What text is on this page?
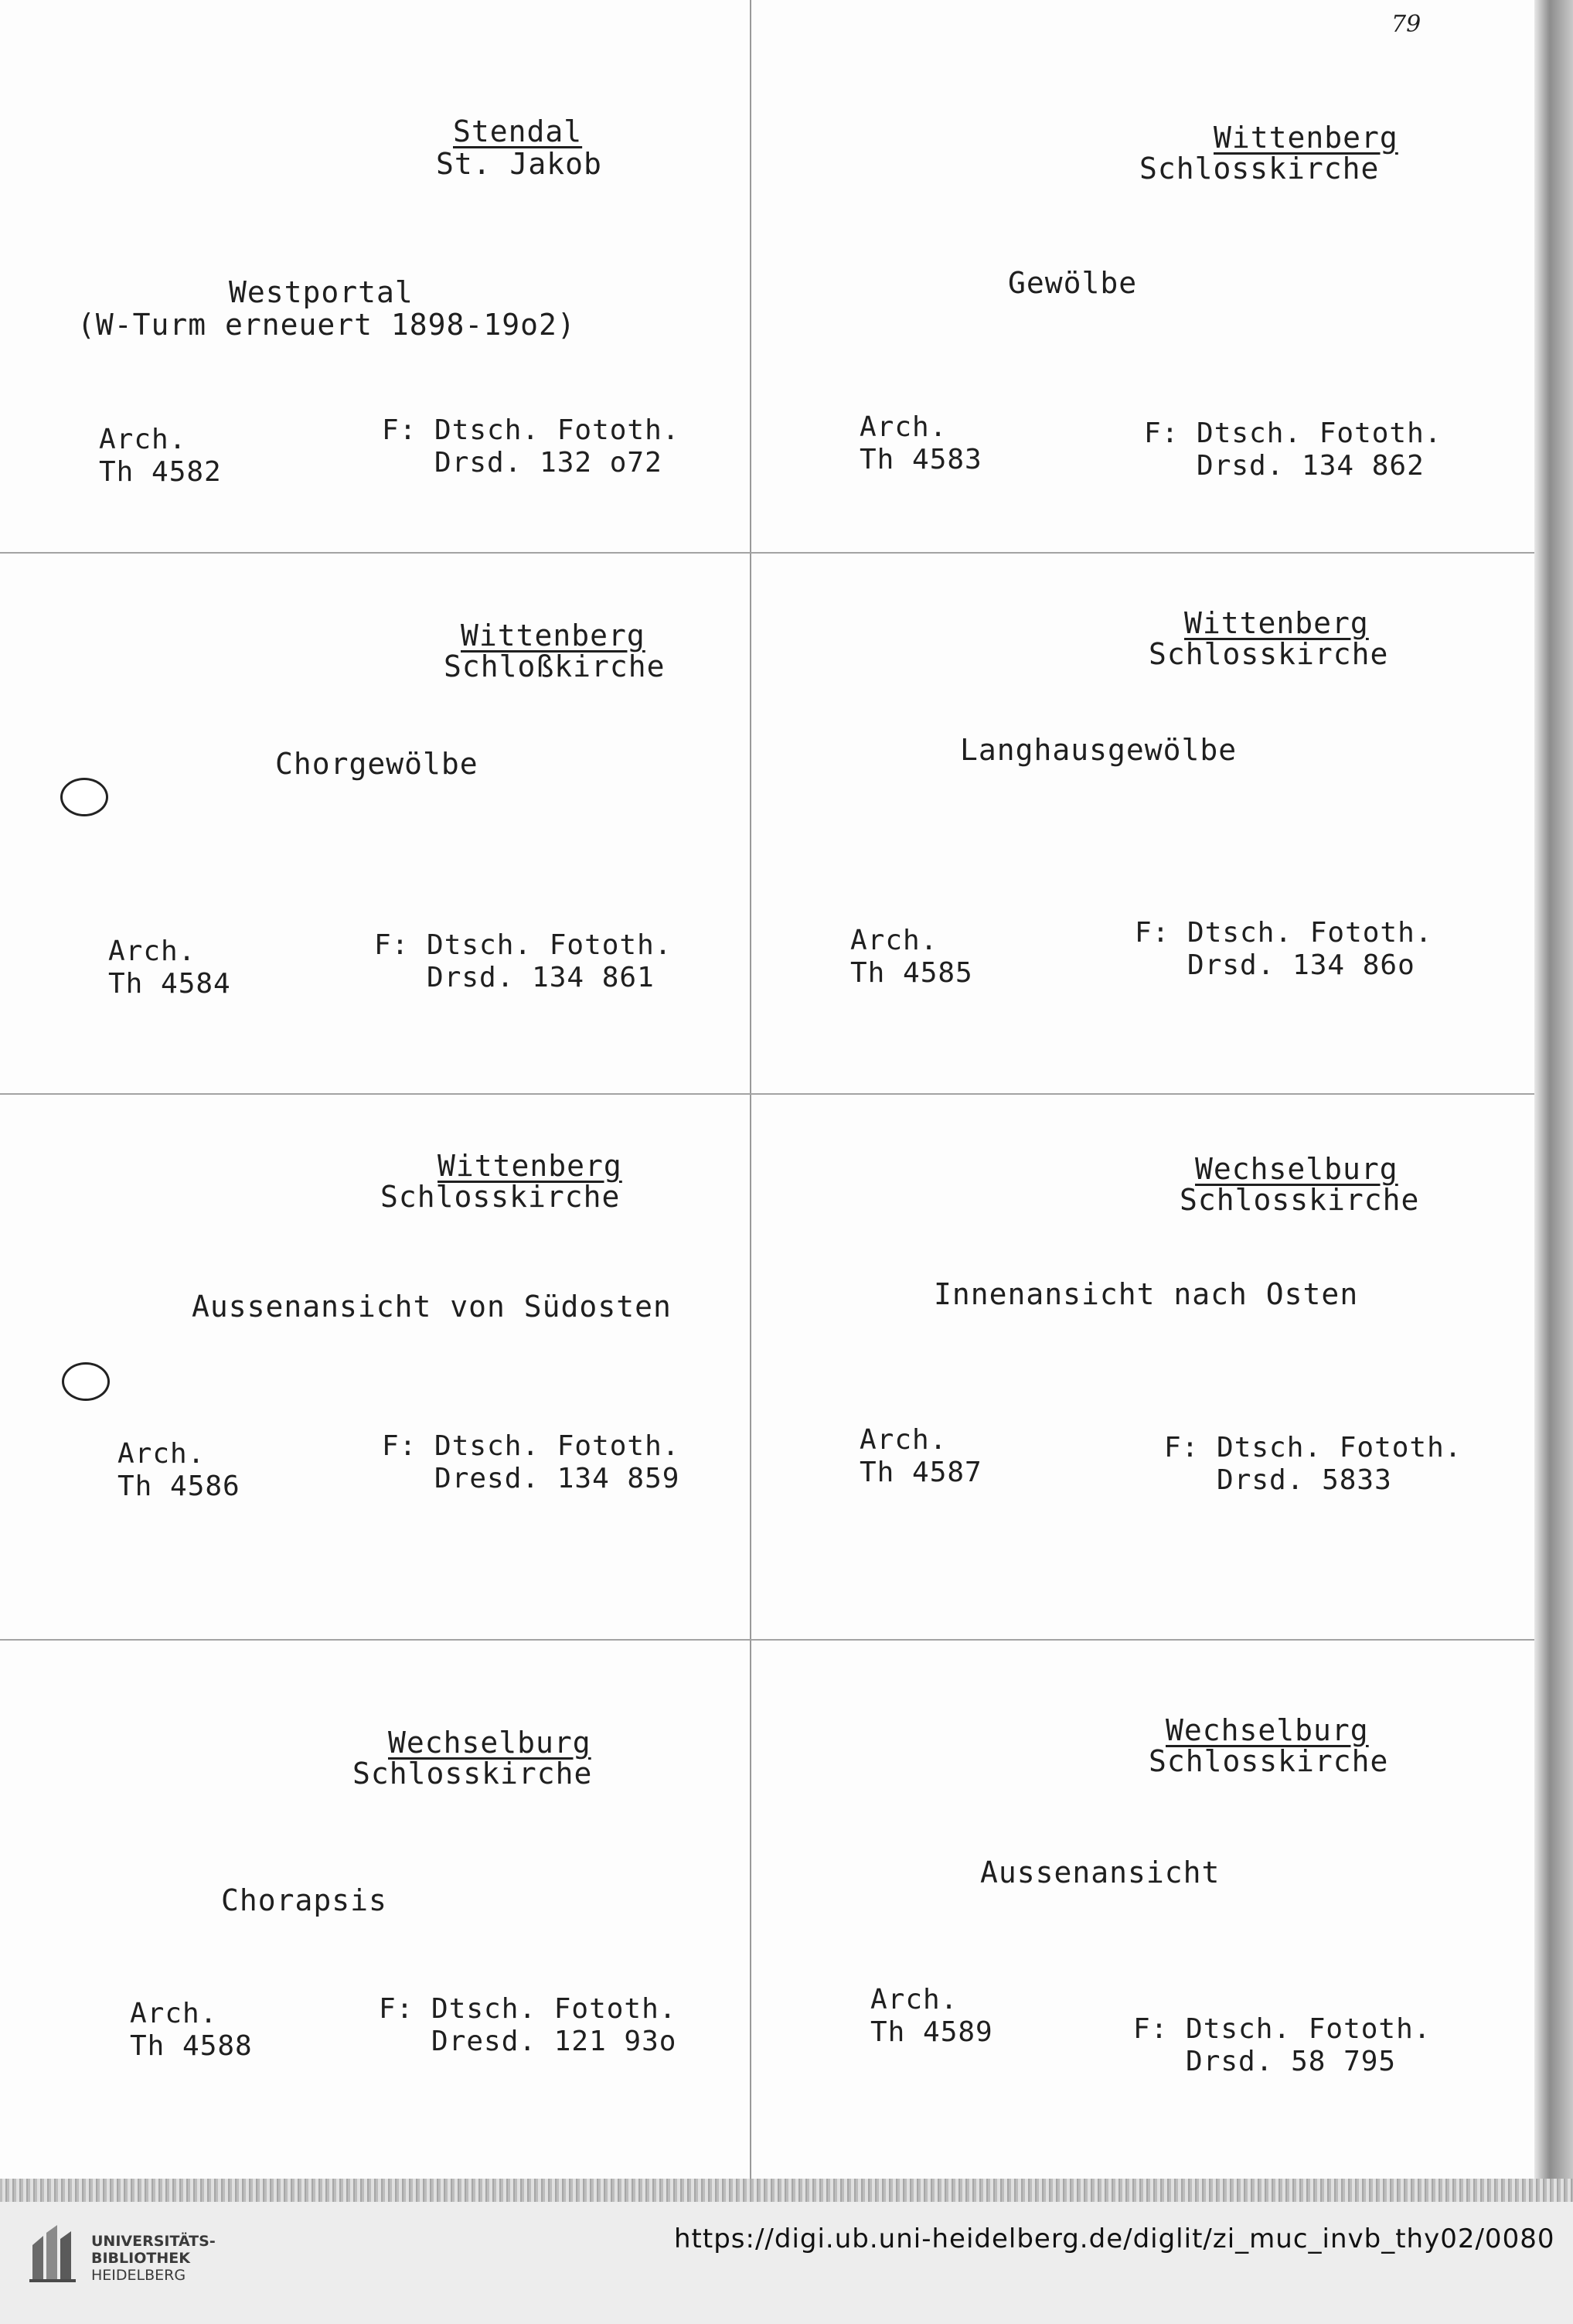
79
Stendal
St. Jakob
Westportal
(W-Turm erneuert 1898-19o2)
Arch.
Th 4582
F: Dtsch. Fototh.
Drsd. 132 o72
Wittenberg
Schlosskirche
Gewölbe
Arch.
Th 4583
F: Dtsch. Fototh.
Drsd. 134 862
Wittenberg
Schloßkirche
Chorgewölbe
Arch.
Th 4584
F: Dtsch. Fototh.
Drsd. 134 861
Wittenberg
Schlosskirche
Langhausgewölbe
Arch.
Th 4585
F: Dtsch. Fototh.
Drsd. 134 86o
Wittenberg
Schlosskirche
Aussenansicht von Südosten
Arch.
Th 4586
F: Dtsch. Fototh.
Dresd. 134 859
Wechselburg
Schlosskirche
Innenansicht nach Osten
Arch.
Th 4587
F: Dtsch. Fototh.
Drsd. 5833
Wechselburg
Schlosskirche
Chorapsis
Arch.
Th 4588
F: Dtsch. Fototh.
Dresd. 121 93o
Wechselburg
Schlosskirche
Aussenansicht
Arch.
Th 4589	F: Dtsch. Fototh.
Drsd. 58 795
UNIVERSITÄTS-
BIBLIOTHEK
HEIDELBERG
https://digi.ub.uni-heidelberg.de/diglit/zi_muc_invb_thy02/0080
